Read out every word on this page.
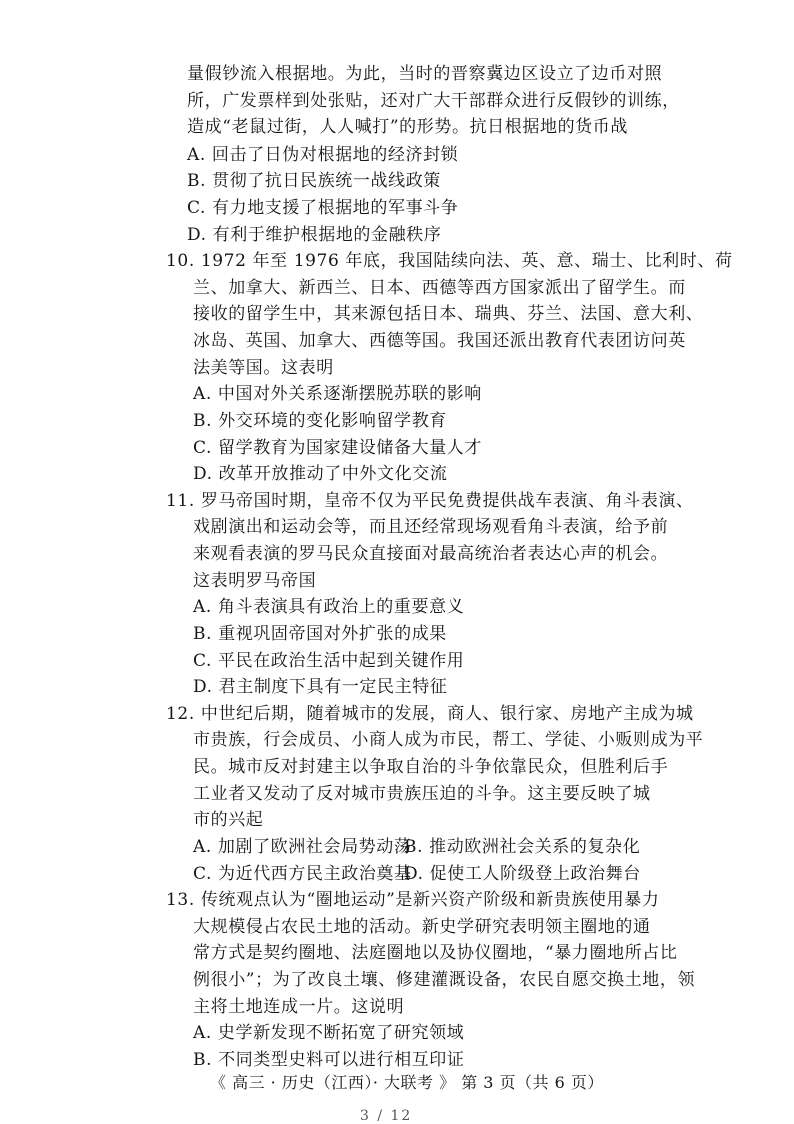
量假钞流入根据地。为此，当时的晋察冀边区设立了边币对照
所，广发票样到处张贴，还对广大干部群众进行反假钞的训练，
造成“老鼠过街，人人喊打”的形势。抗日根据地的货币战
A. 回击了日伪对根据地的经济封锁
B. 贯彻了抗日民族统一战线政策
C. 有力地支援了根据地的军事斗争
D. 有利于维护根据地的金融秩序
10. 1972 年至 1976 年底，我国陆续向法、英、意、瑞士、比利时、荷
兰、加拿大、新西兰、日本、西德等西方国家派出了留学生。而
接收的留学生中，其来源包括日本、瑞典、芬兰、法国、意大利、
冰岛、英国、加拿大、西德等国。我国还派出教育代表团访问英
法美等国。这表明
A. 中国对外关系逐渐摆脱苏联的影响
B. 外交环境的变化影响留学教育
C. 留学教育为国家建设储备大量人才
D. 改革开放推动了中外文化交流
11. 罗马帝国时期，皇帝不仅为平民免费提供战车表演、角斗表演、
戏剧演出和运动会等，而且还经常现场观看角斗表演，给予前
来观看表演的罗马民众直接面对最高统治者表达心声的机会。
这表明罗马帝国
A. 角斗表演具有政治上的重要意义
B. 重视巩固帝国对外扩张的成果
C. 平民在政治生活中起到关键作用
D. 君主制度下具有一定民主特征
12. 中世纪后期，随着城市的发展，商人、银行家、房地产主成为城
市贵族，行会成员、小商人成为市民，帮工、学徒、小贩则成为平
民。城市反对封建主以争取自治的斗争依靠民众，但胜利后手
工业者又发动了反对城市贵族压迫的斗争。这主要反映了城
市的兴起
A. 加剧了欧洲社会局势动荡
B. 推动欧洲社会关系的复杂化
C. 为近代西方民主政治奠基
D. 促使工人阶级登上政治舞台
13. 传统观点认为“圈地运动”是新兴资产阶级和新贵族使用暴力
大规模侵占农民土地的活动。新史学研究表明领主圈地的通
常方式是契约圈地、法庭圈地以及协仪圈地，“暴力圈地所占比
例很小”；为了改良土壤、修建灌溉设备，农民自愿交换土地，领
主将土地连成一片。这说明
A. 史学新发现不断拓宽了研究领域
B. 不同类型史料可以进行相互印证
《 高三 · 历史（江西）· 大联考 》 第 3 页（共 6 页）
3 / 12
